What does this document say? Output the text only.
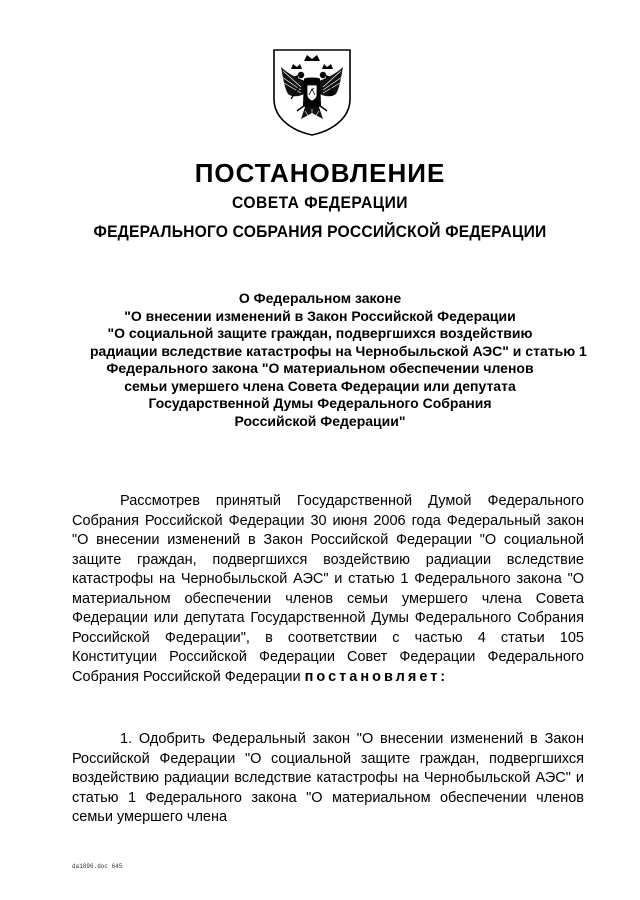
ПОСТАНОВЛЕНИЕ
СОВЕТА ФЕДЕРАЦИИ
ФЕДЕРАЛЬНОГО СОБРАНИЯ РОССИЙСКОЙ ФЕДЕРАЦИИ
О Федеральном законе
"О внесении изменений в Закон Российской Федерации
"О социальной защите граждан, подвергшихся воздействию
радиации вследствие катастрофы на Чернобыльской АЭС" и статью 1
Федерального закона "О материальном обеспечении членов
семьи умершего члена Совета Федерации или депутата
Государственной Думы Федерального Собрания
Российской Федерации"
Рассмотрев принятый Государственной Думой Федерального Собрания Российской Федерации 30 июня 2006 года Федеральный закон "О внесении изменений в Закон Российской Федерации "О социальной защите граждан, подвергшихся воздействию радиации вследствие катастрофы на Чернобыльской АЭС" и статью 1 Федерального закона "О материальном обеспечении членов семьи умершего члена Совета Федерации или депутата Государственной Думы Федерального Собрания Российской Федерации", в соответствии с частью 4 статьи 105 Конституции Российской Федерации Совет Федерации Федерального Собрания Российской Федерации постановляет:
1. Одобрить Федеральный закон "О внесении изменений в Закон Российской Федерации "О социальной защите граждан, подвергшихся воздействию радиации вследствие катастрофы на Чернобыльской АЭС" и статью 1 Федерального закона "О материальном обеспечении членов семьи умершего члена
da1896.doc 645
